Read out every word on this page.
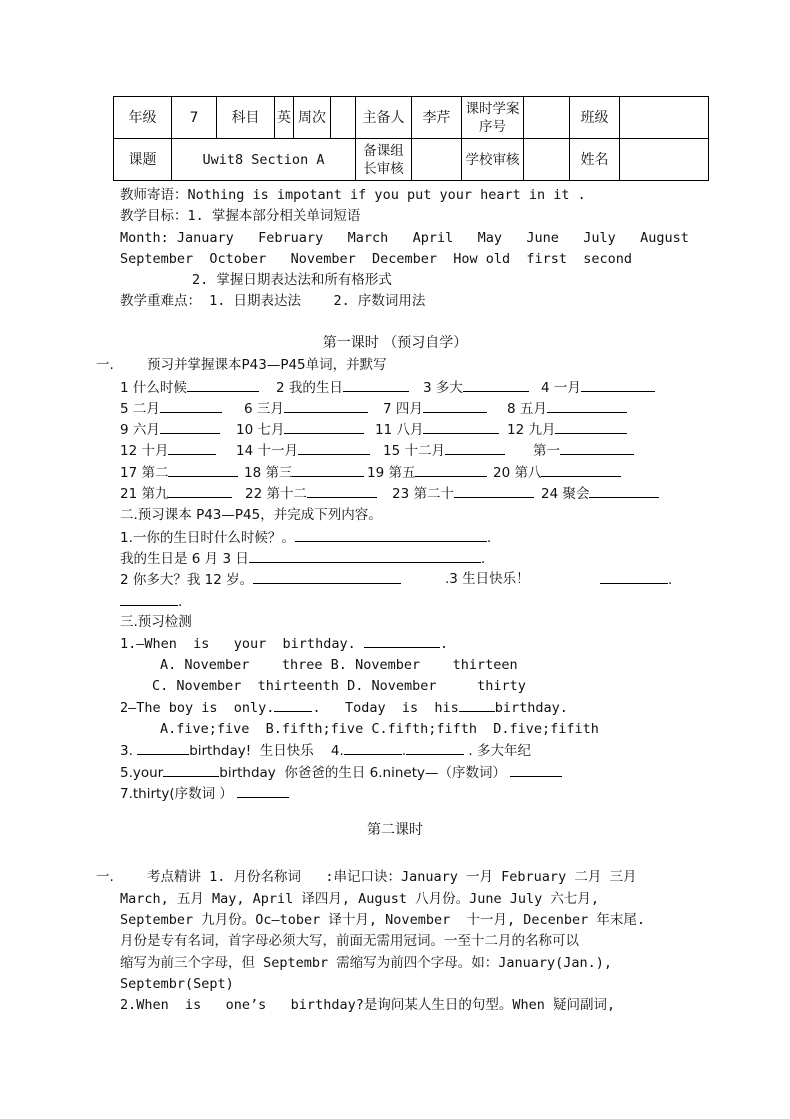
年级	7	科目	英	周次		主备人	李芹	课时学案序号		班级	
课题	Uwit8 Section A					备课组长审核		学校审核		姓名	
教师寄语：Nothing is impotant if you put your heart in it .
教学目标：1. 掌握本部分相关单词短语
Month: January   February   March   April   May   June   July   August
September  October   November  December  How old  first  second
2. 掌握日期表达法和所有格形式
教学重难点： 1. 日期表达法    2. 序数词用法
第一课时 （预习自学）
一. 预习并掌握课本P43—P45单词，并默写
1 什么时候	2 我的生日	3 多大	4 一月
5 二月	6 三月	7 四月	8 五月
9 六月	10 七月	11 八月	12 九月
12 十月	14 十一月	15 十二月	第一
17 第二	18 第三	19 第五	20 第八
21 第九	22 第十二	23 第二十	24 聚会
二.预习课本 P43—P45，并完成下列内容。
1.一你的生日时什么时候？。	.
我的生日是 6 月 3 日	.
2 你多大？我 12 岁。	.3 生日快乐！	.
.
三.预习检测
1.—When  is   your  birthday.	.
A. November    three B. November    thirteen
C. November  thirteenth D. November     thirty
2—The boy is  only.	.   Today  is  his	birthday.
A.five;five  B.fifth;five C.fifth;fifth  D.five;fifith
3.	birthday!  生日快乐 4.	.	. 多大年纪
5.your	birthday  你爸爸的生日 6.ninety—（序数词）
7.thirty(序数词 ）
第二课时
一. 考点精讲 1. 月份名称词   :串记口诀：January 一月 February 二月 三月
March, 五月 May, April 译四月, August 八月份。June July 六七月,
September 九月份。Oc—tober 译十月, November  十一月, Decenber 年末尾.
月份是专有名词，首字母必须大写，前面无需用冠词。一至十二月的名称可以
缩写为前三个字母，但 Septembr 需缩写为前四个字母。如：January(Jan.),
Septembr(Sept)
2.When  is   one’s   birthday?是询问某人生日的句型。When 疑问副词,
